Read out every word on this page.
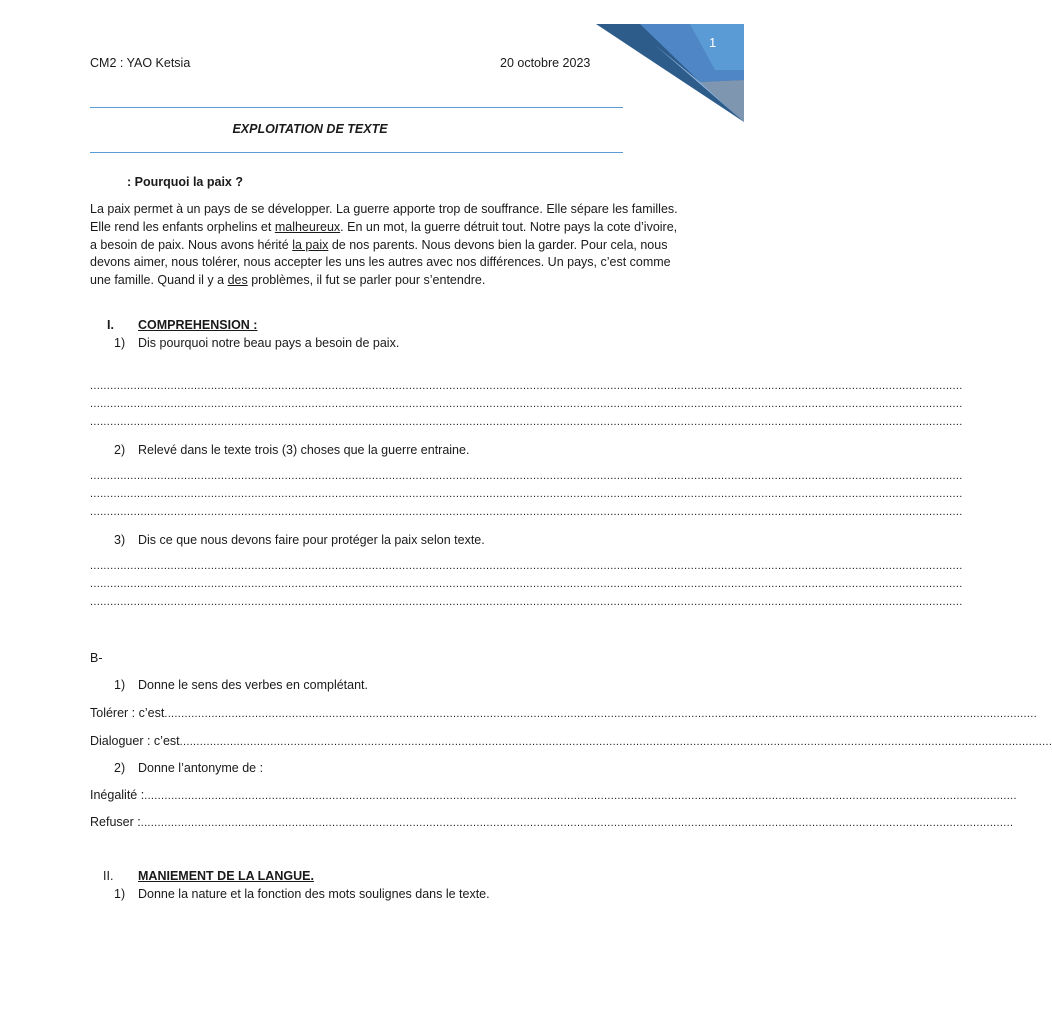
1
CM2 : YAO Ketsia	20 octobre 2023
EXPLOITATION DE TEXTE
: Pourquoi la paix ?

La paix permet à un pays de se développer. La guerre apporte trop de souffrance. Elle sépare les familles. Elle rend les enfants orphelins et malheureux. En un mot, la guerre détruit tout. Notre pays la cote d’ivoire, a besoin de paix. Nous avons hérité la paix de nos parents. Nous devons bien la garder. Pour cela, nous devons aimer, nous tolérer, nous accepter les uns les autres avec nos différences. Un pays, c’est comme une famille. Quand il y a des problèmes, il fut se parler pour s’entendre.

I. COMPREHENSION :
1) Dis pourquoi notre beau pays a besoin de paix.
....................................................................................................................................................................................................................................................................
....................................................................................................................................................................................................................................................................
....................................................................................................................................................................................................................................................................
2) Relevé dans le texte trois (3) choses que la guerre entraine.
....................................................................................................................................................................................................................................................................
....................................................................................................................................................................................................................................................................
....................................................................................................................................................................................................................................................................
3) Dis ce que nous devons faire pour protéger la paix selon texte.
....................................................................................................................................................................................................................................................................
....................................................................................................................................................................................................................................................................
....................................................................................................................................................................................................................................................................
B-
1) Donne le sens des verbes en complétant.
Tolérer : c’est....................................................................................................................................................................................................................................................................
Dialoguer : c’est....................................................................................................................................................................................................................................................................
2) Donne l’antonyme de :
Inégalité :....................................................................................................................................................................................................................................................................
Refuser :....................................................................................................................................................................................................................................................................
II. MANIEMENT DE LA LANGUE.
1) Donne la nature et la fonction des mots soulignes dans le texte.
